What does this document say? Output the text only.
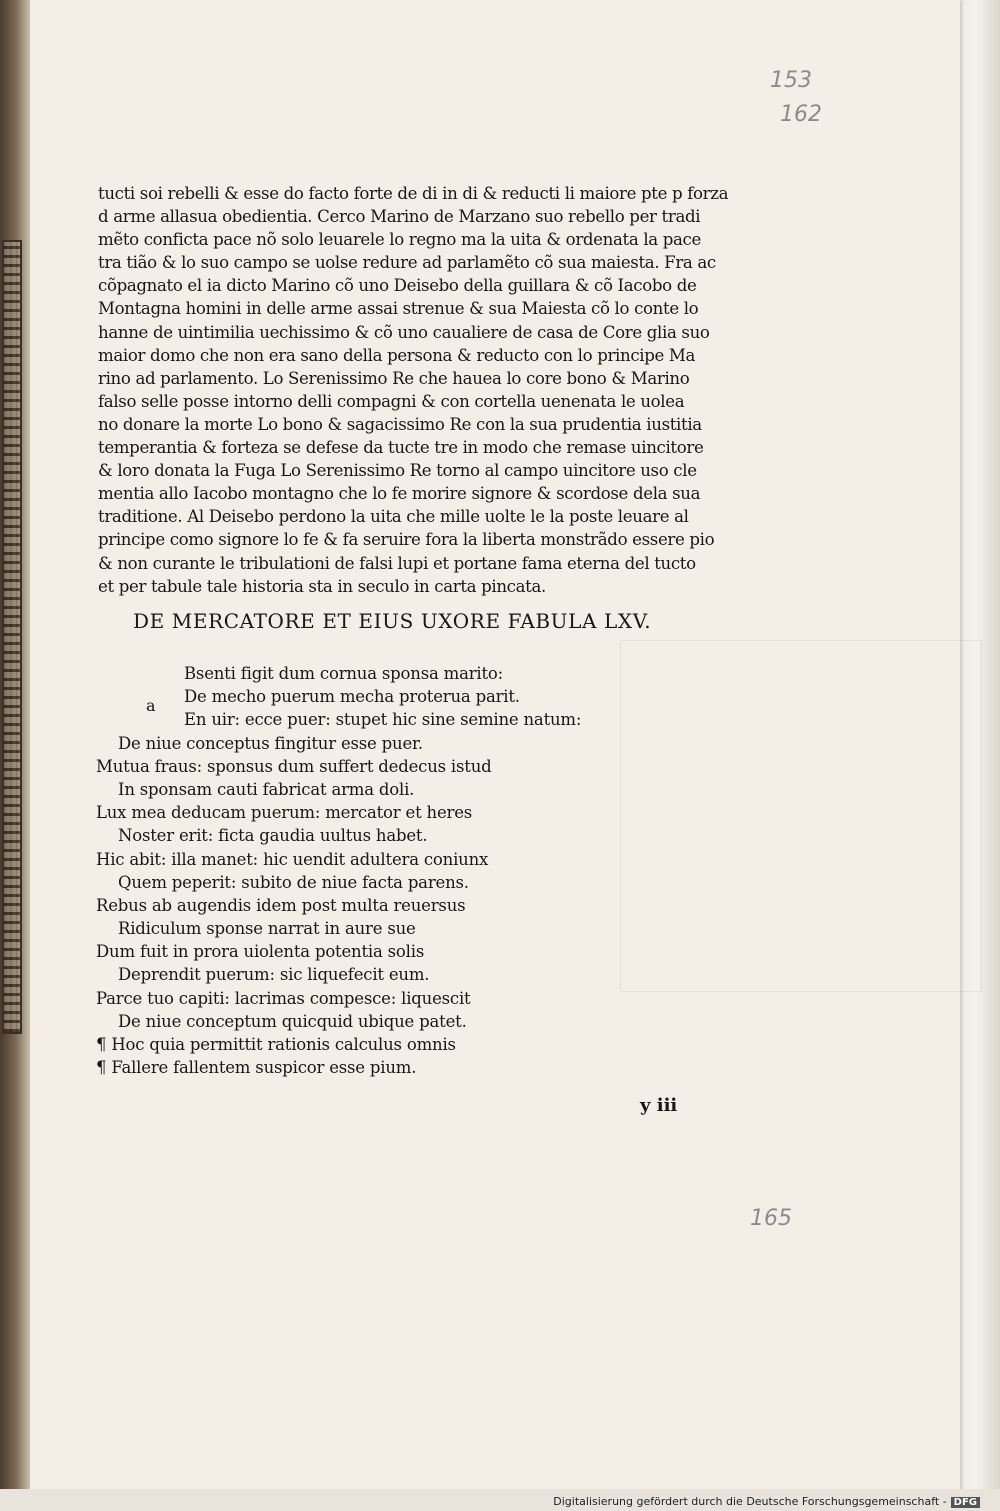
153
162
tucti soi rebelli & esse do facto forte de di in di & reducti li maiore pte p forza
d arme allasua obedientia. Cerco Marino de Marzano suo rebello per tradi
mẽto conficta pace nõ solo leuarele lo regno ma la uita & ordenata la pace
tra tião & lo suo campo se uolse redure ad parlamẽto cõ sua maiesta. Fra ac
cõpagnato el ia dicto Marino cõ uno Deisebo della guillara & cõ Iacobo de
Montagna homini in delle arme assai strenue & sua Maiesta cõ lo conte lo
hanne de uintimilia uechissimo & cõ uno caualiere de casa de Core glia suo
maior domo che non era sano della persona & reducto con lo principe Ma
rino ad parlamento. Lo Serenissimo Re che hauea lo core bono & Marino
falso selle posse intorno delli compagni & con cortella uenenata le uolea
no donare la morte Lo bono & sagacissimo Re con la sua prudentia iustitia
temperantia & forteza se defese da tucte tre in modo che remase uincitore
& loro donata la Fuga Lo Serenissimo Re torno al campo uincitore uso cle
mentia allo Iacobo montagno che lo fe morire signore & scordose dela sua
traditione. Al Deisebo perdono la uita che mille uolte le la poste leuare al
principe como signore lo fe & fa seruire fora la liberta monstrãdo essere pio
& non curante le tribulationi de falsi lupi et portane fama eterna del tucto
et per tabule tale historia sta in seculo in carta pincata.
DE MERCATORE ET EIUS UXORE FABULA LXV.
a
Bsenti figit dum cornua sponsa marito:
De mecho puerum mecha proterua parit.
En uir: ecce puer: stupet hic sine semine natum:
De niue conceptus fingitur esse puer.
Mutua fraus: sponsus dum suffert dedecus istud
In sponsam cauti fabricat arma doli.
Lux mea deducam puerum: mercator et heres
Noster erit: ficta gaudia uultus habet.
Hic abit: illa manet: hic uendit adultera coniunx
Quem peperit: subito de niue facta parens.
Rebus ab augendis idem post multa reuersus
Ridiculum sponse narrat in aure sue
Dum fuit in prora uiolenta potentia solis
Deprendit puerum: sic liquefecit eum.
Parce tuo capiti: lacrimas compesce: liquescit
De niue conceptum quicquid ubique patet.
¶ Hoc quia permittit rationis calculus omnis
¶ Fallere fallentem suspicor esse pium.
y iii
165
Digitalisierung gefördert durch die Deutsche Forschungsgemeinschaft - DFG
